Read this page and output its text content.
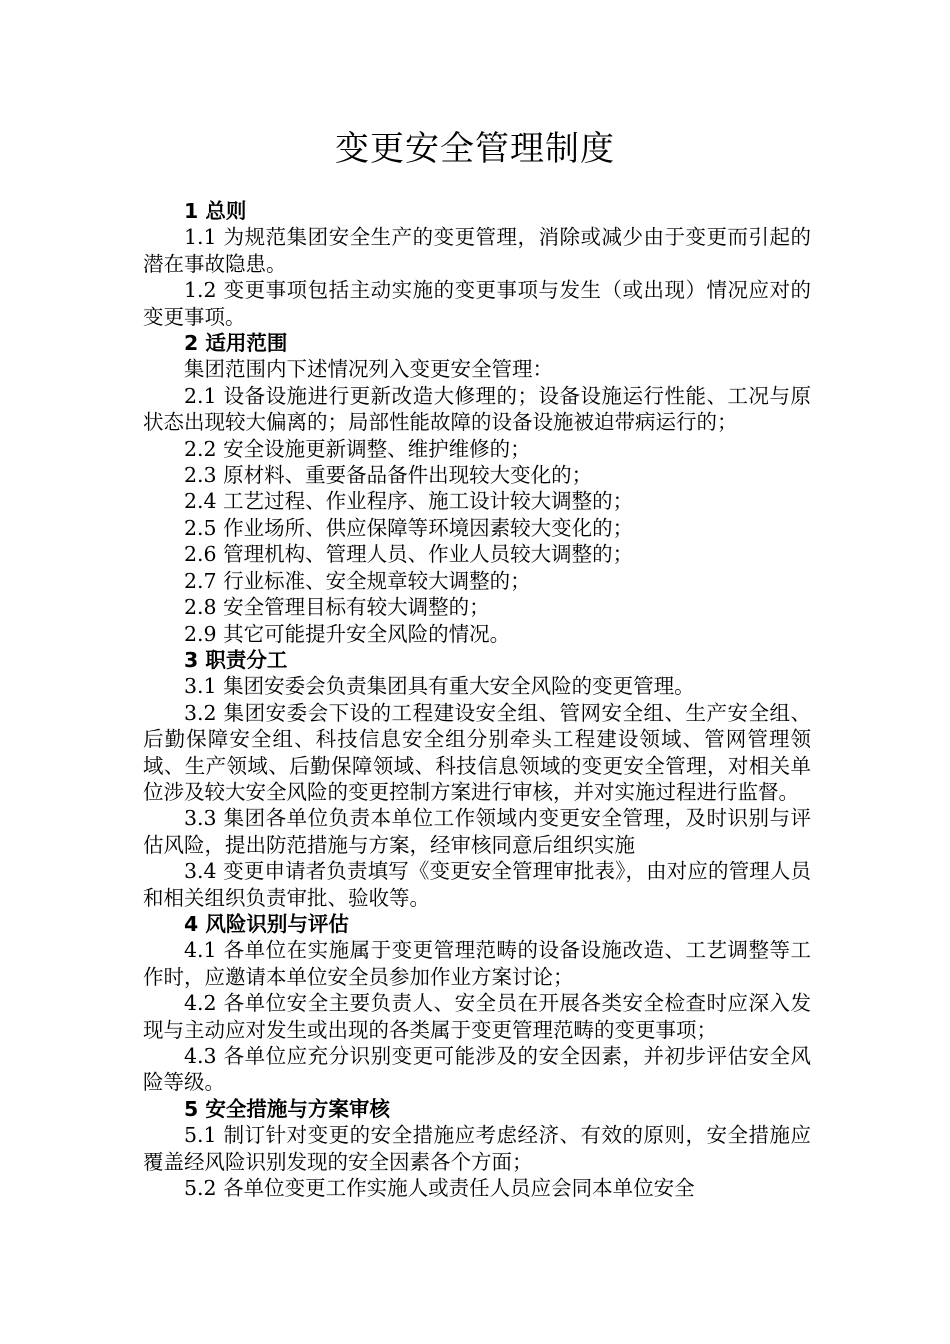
变更安全管理制度

1 总则

1.1 为规范集团安全生产的变更管理，消除或减少由于变更而引起的潜在事故隐患。

1.2 变更事项包括主动实施的变更事项与发生（或出现）情况应对的变更事项。

2 适用范围

集团范围内下述情况列入变更安全管理：

2.1 设备设施进行更新改造大修理的；设备设施运行性能、工况与原状态出现较大偏离的；局部性能故障的设备设施被迫带病运行的；

2.2 安全设施更新调整、维护维修的；

2.3 原材料、重要备品备件出现较大变化的；

2.4 工艺过程、作业程序、施工设计较大调整的；

2.5 作业场所、供应保障等环境因素较大变化的；

2.6 管理机构、管理人员、作业人员较大调整的；

2.7 行业标准、安全规章较大调整的；

2.8 安全管理目标有较大调整的；

2.9 其它可能提升安全风险的情况。

3 职责分工

3.1 集团安委会负责集团具有重大安全风险的变更管理。

3.2 集团安委会下设的工程建设安全组、管网安全组、生产安全组、后勤保障安全组、科技信息安全组分别牵头工程建设领域、管网管理领域、生产领域、后勤保障领域、科技信息领域的变更安全管理，对相关单位涉及较大安全风险的变更控制方案进行审核，并对实施过程进行监督。

3.3 集团各单位负责本单位工作领域内变更安全管理，及时识别与评估风险，提出防范措施与方案，经审核同意后组织实施

3.4 变更申请者负责填写《变更安全管理审批表》，由对应的管理人员和相关组织负责审批、验收等。

4 风险识别与评估

4.1 各单位在实施属于变更管理范畴的设备设施改造、工艺调整等工作时，应邀请本单位安全员参加作业方案讨论；

4.2 各单位安全主要负责人、安全员在开展各类安全检查时应深入发现与主动应对发生或出现的各类属于变更管理范畴的变更事项；

4.3 各单位应充分识别变更可能涉及的安全因素，并初步评估安全风险等级。

5 安全措施与方案审核

5.1 制订针对变更的安全措施应考虑经济、有效的原则，安全措施应覆盖经风险识别发现的安全因素各个方面；

5.2 各单位变更工作实施人或责任人员应会同本单位安全
